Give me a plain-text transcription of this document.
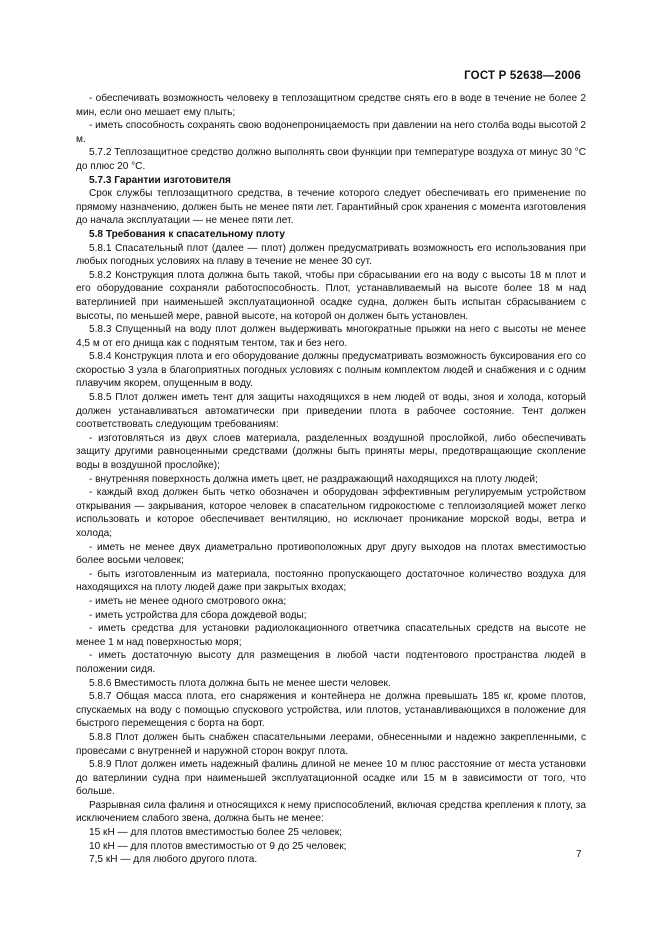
ГОСТ Р 52638—2006

- обеспечивать возможность человеку в теплозащитном средстве снять его в воде в течение не более 2 мин, если оно мешает ему плыть;

- иметь способность сохранять свою водонепроницаемость при давлении на него столба воды высотой 2 м.

5.7.2 Теплозащитное средство должно выполнять свои функции при температуре воздуха от минус 30 °С до плюс 20 °С.

5.7.3 Гарантии изготовителя

Срок службы теплозащитного средства, в течение которого следует обеспечивать его применение по прямому назначению, должен быть не менее пяти лет. Гарантийный срок хранения с момента изготовления до начала эксплуатации — не менее пяти лет.

5.8 Требования к спасательному плоту

5.8.1 Спасательный плот (далее — плот) должен предусматривать возможность его использования при любых погодных условиях на плаву в течение не менее 30 сут.

5.8.2 Конструкция плота должна быть такой, чтобы при сбрасывании его на воду с высоты 18 м плот и его оборудование сохраняли работоспособность. Плот, устанавливаемый на высоте более 18 м над ватерлинией при наименьшей эксплуатационной осадке судна, должен быть испытан сбрасыванием с высоты, по меньшей мере, равной высоте, на которой он должен быть установлен.

5.8.3 Спущенный на воду плот должен выдерживать многократные прыжки на него с высоты не менее 4,5 м от его днища как с поднятым тентом, так и без него.

5.8.4 Конструкция плота и его оборудование должны предусматривать возможность буксирования его со скоростью 3 узла в благоприятных погодных условиях с полным комплектом людей и снабжения и с одним плавучим якорем, опущенным в воду.

5.8.5 Плот должен иметь тент для защиты находящихся в нем людей от воды, зноя и холода, который должен устанавливаться автоматически при приведении плота в рабочее состояние. Тент должен соответствовать следующим требованиям:

- изготовляться из двух слоев материала, разделенных воздушной прослойкой, либо обеспечивать защиту другими равноценными средствами (должны быть приняты меры, предотвращающие скопление воды в воздушной прослойке);

- внутренняя поверхность должна иметь цвет, не раздражающий находящихся на плоту людей;

- каждый вход должен быть четко обозначен и оборудован эффективным регулируемым устройством открывания — закрывания, которое человек в спасательном гидрокостюме с теплоизоляцией может легко использовать и которое обеспечивает вентиляцию, но исключает проникание морской воды, ветра и холода;

- иметь не менее двух диаметрально противоположных друг другу выходов на плотах вместимостью более восьми человек;

- быть изготовленным из материала, постоянно пропускающего достаточное количество воздуха для находящихся на плоту людей даже при закрытых входах;

- иметь не менее одного смотрового окна;

- иметь устройства для сбора дождевой воды;

- иметь средства для установки радиолокационного ответчика спасательных средств на высоте не менее 1 м над поверхностью моря;

- иметь достаточную высоту для размещения в любой части подтентового пространства людей в положении сидя.

5.8.6 Вместимость плота должна быть не менее шести человек.

5.8.7 Общая масса плота, его снаряжения и контейнера не должна превышать 185 кг, кроме плотов, спускаемых на воду с помощью спускового устройства, или плотов, устанавливающихся в положение для быстрого перемещения с борта на борт.

5.8.8 Плот должен быть снабжен спасательными леерами, обнесенными и надежно закрепленными, с провесами с внутренней и наружной сторон вокруг плота.

5.8.9 Плот должен иметь надежный фалинь длиной не менее 10 м плюс расстояние от места установки до ватерлинии судна при наименьшей эксплуатационной осадке или 15 м в зависимости от того, что больше.

Разрывная сила фалиня и относящихся к нему приспособлений, включая средства крепления к плоту, за исключением слабого звена, должна быть не менее:

15 кН — для плотов вместимостью более 25 человек;

10 кН — для плотов вместимостью от 9 до 25 человек;

7,5 кН — для любого другого плота.	7
